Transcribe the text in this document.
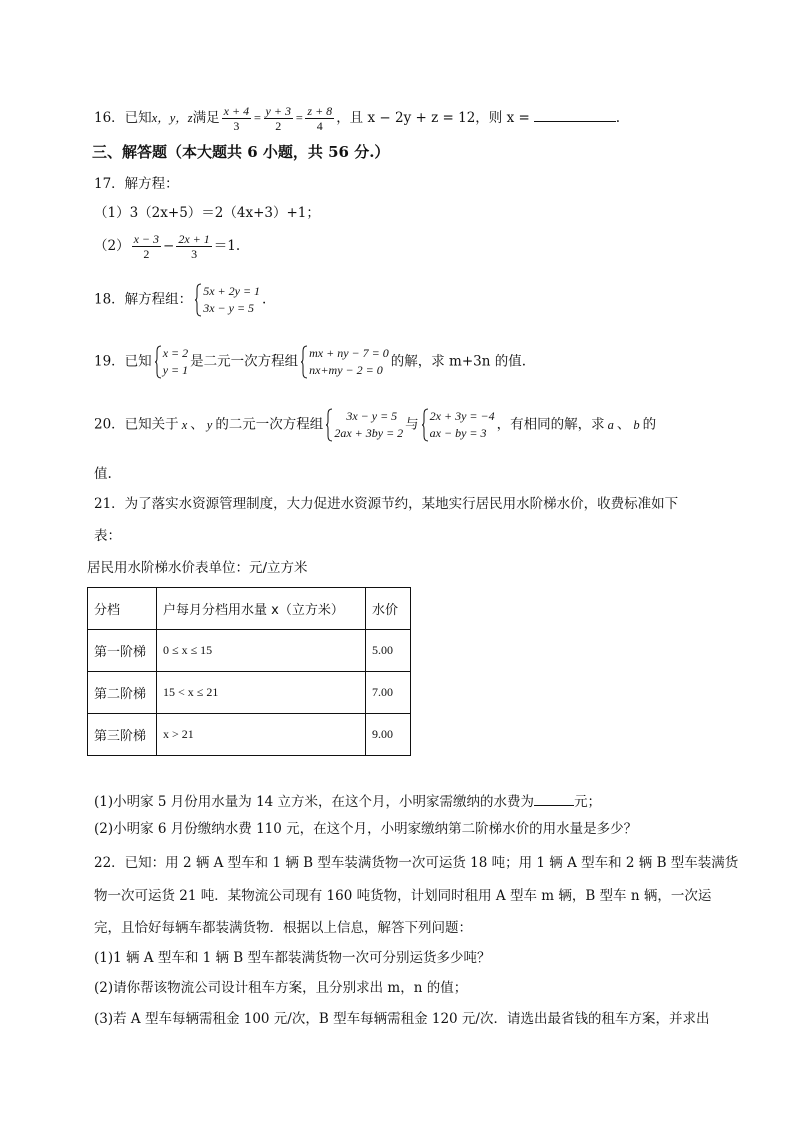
16．已知x，y，z满足 $\frac{x + 4}{3} = \frac{y + 3}{2} = \frac{z + 8}{4}$ ，且 x − 2y + z = 12，则 x =	.
三、解答题（本大题共 6 小题，共 56 分.）
17．解方程：
（1）3（2x+5）＝2（4x+3）+1；
$(2) \frac{x - 3}{2} - \frac{2x + 1}{3} =1$.
18．解方程组：
5x + 2y = 1
3x − y = 5
.
19．已知
x = 2
y = 1
是二元一次方程组
mx + ny − 7 = 0
nx+my − 2 = 0
的解，求 m+3n 的值.
20．已知关于 x 、 y 的二元一次方程组
3x − y = 5
2ax + 3by = 2
与
2x + 3y = −4
ax − by = 3
，有相同的解，求 a 、 b 的
值.
21．为了落实水资源管理制度，大力促进水资源节约，某地实行居民用水阶梯水价，收费标准如下
表：
居民用水阶梯水价表单位：元/立方米
分档	户每月分档用水量 x（立方米）	水价
第一阶梯	0 ≤ x ≤ 15	5.00
第二阶梯	15 < x ≤ 21	7.00
第三阶梯	x > 21	9.00
(1)小明家 5 月份用水量为 14 立方米，在这个月，小明家需缴纳的水费为	元；
(2)小明家 6 月份缴纳水费 110 元，在这个月，小明家缴纳第二阶梯水价的用水量是多少？
22．已知：用 2 辆 A 型车和 1 辆 B 型车装满货物一次可运货 18 吨；用 1 辆 A 型车和 2 辆 B 型车装满货
物一次可运货 21 吨．某物流公司现有 160 吨货物，计划同时租用 A 型车 m 辆，B 型车 n 辆，一次运
完，且恰好每辆车都装满货物．根据以上信息，解答下列问题：
(1)1 辆 A 型车和 1 辆 B 型车都装满货物一次可分别运货多少吨？
(2)请你帮该物流公司设计租车方案，且分别求出 m，n 的值；
(3)若 A 型车每辆需租金 100 元/次，B 型车每辆需租金 120 元/次．请选出最省钱的租车方案，并求出
